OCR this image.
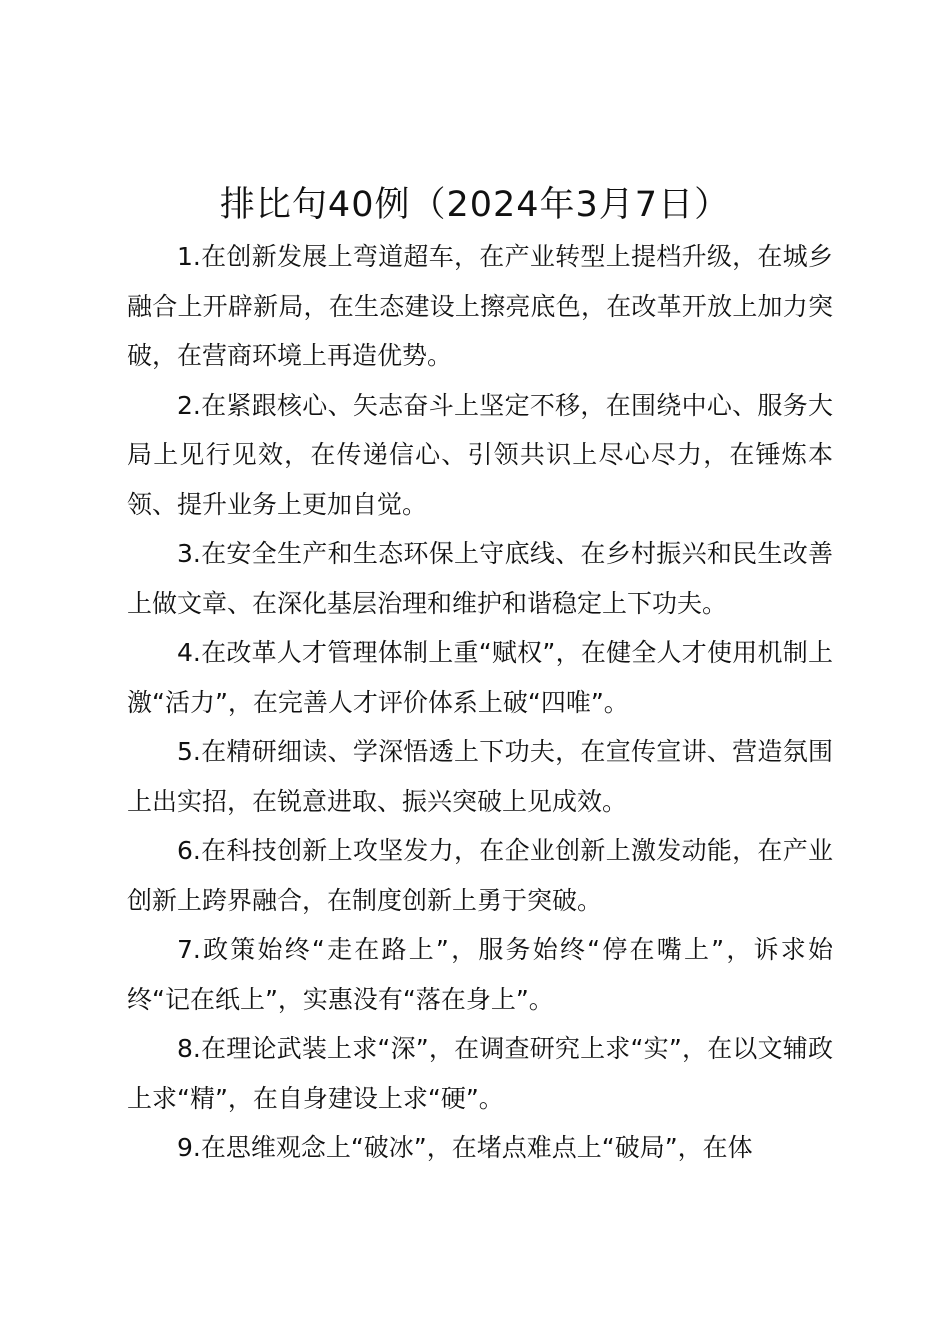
排比句40例（2024年3月7日）

1.在创新发展上弯道超车，在产业转型上提档升级，在城乡融合上开辟新局，在生态建设上擦亮底色，在改革开放上加力突破，在营商环境上再造优势。

2.在紧跟核心、矢志奋斗上坚定不移，在围绕中心、服务大局上见行见效，在传递信心、引领共识上尽心尽力，在锤炼本领、提升业务上更加自觉。

3.在安全生产和生态环保上守底线、在乡村振兴和民生改善上做文章、在深化基层治理和维护和谐稳定上下功夫。

4.在改革人才管理体制上重“赋权”，在健全人才使用机制上激“活力”，在完善人才评价体系上破“四唯”。

5.在精研细读、学深悟透上下功夫，在宣传宣讲、营造氛围上出实招，在锐意进取、振兴突破上见成效。

6.在科技创新上攻坚发力，在企业创新上激发动能，在产业创新上跨界融合，在制度创新上勇于突破。

7.政策始终“走在路上”，服务始终“停在嘴上”，诉求始终“记在纸上”，实惠没有“落在身上”。

8.在理论武装上求“深”，在调查研究上求“实”，在以文辅政上求“精”，在自身建设上求“硬”。

9.在思维观念上“破冰”，在堵点难点上“破局”，在体
